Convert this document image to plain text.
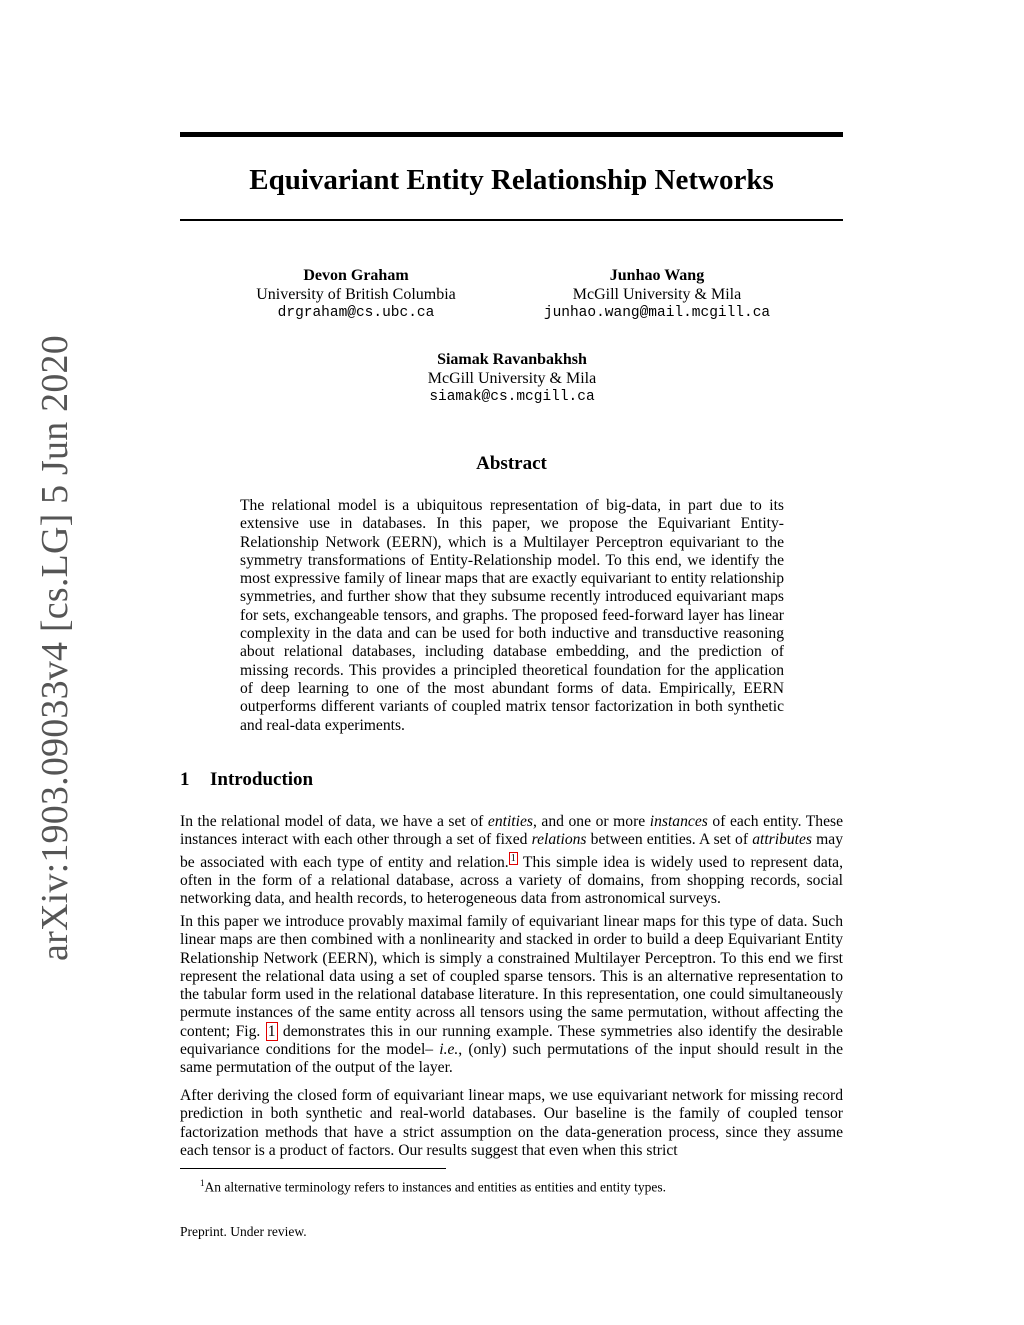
arXiv:1903.09033v4 [cs.LG] 5 Jun 2020
Equivariant Entity Relationship Networks
Devon Graham
University of British Columbia
drgraham@cs.ubc.ca
Junhao Wang
McGill University & Mila
junhao.wang@mail.mcgill.ca
Siamak Ravanbakhsh
McGill University & Mila
siamak@cs.mcgill.ca
Abstract
The relational model is a ubiquitous representation of big-data, in part due to its extensive use in databases. In this paper, we propose the Equivariant Entity-Relationship Network (EERN), which is a Multilayer Perceptron equivariant to the symmetry transformations of Entity-Relationship model. To this end, we identify the most expressive family of linear maps that are exactly equivariant to entity relationship symmetries, and further show that they subsume recently introduced equivariant maps for sets, exchangeable tensors, and graphs. The proposed feed-forward layer has linear complexity in the data and can be used for both inductive and transductive reasoning about relational databases, including database embedding, and the prediction of missing records. This provides a principled theoretical foundation for the application of deep learning to one of the most abundant forms of data. Empirically, EERN outperforms different variants of coupled matrix tensor factorization in both synthetic and real-data experiments.
1 Introduction

In the relational model of data, we have a set of entities, and one or more instances of each entity. These instances interact with each other through a set of fixed relations between entities. A set of attributes may be associated with each type of entity and relation. $^1$ This simple idea is widely used to represent data, often in the form of a relational database, across a variety of domains, from shopping records, social networking data, and health records, to heterogeneous data from astronomical surveys.

In this paper we introduce provably maximal family of equivariant linear maps for this type of data. Such linear maps are then combined with a nonlinearity and stacked in order to build a deep Equivariant Entity Relationship Network (EERN), which is simply a constrained Multilayer Perceptron. To this end we first represent the relational data using a set of coupled sparse tensors. This is an alternative representation to the tabular form used in the relational database literature. In this representation, one could simultaneously permute instances of the same entity across all tensors using the same permutation, without affecting the content; Fig. 1 demonstrates this in our running example. These symmetries also identify the desirable equivariance conditions for the model– i.e., (only) such permutations of the input should result in the same permutation of the output of the layer.

After deriving the closed form of equivariant linear maps, we use equivariant network for missing record prediction in both synthetic and real-world databases. Our baseline is the family of coupled tensor factorization methods that have a strict assumption on the data-generation process, since they assume each tensor is a product of factors. Our results suggest that even when this strict

$^1$An alternative terminology refers to instances and entities as entities and entity types.
Preprint. Under review.
